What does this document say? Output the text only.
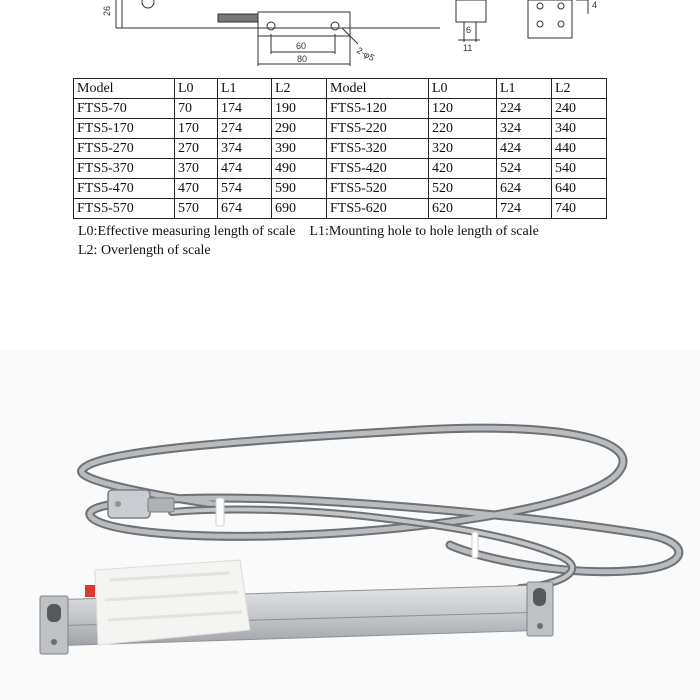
26
60
80	2-φ5
6
11
4
Model	L0	L1	L2	Model	L0	L1	L2
FTS5-70	70	174	190	FTS5-120	120	224	240
FTS5-170	170	274	290	FTS5-220	220	324	340
FTS5-270	270	374	390	FTS5-320	320	424	440
FTS5-370	370	474	490	FTS5-420	420	524	540
FTS5-470	470	574	590	FTS5-520	520	624	640
FTS5-570	570	674	690	FTS5-620	620	724	740
L0:Effective measuring length of scale L1:Mounting hole to hole length of scale
L2: Overlength of scale
